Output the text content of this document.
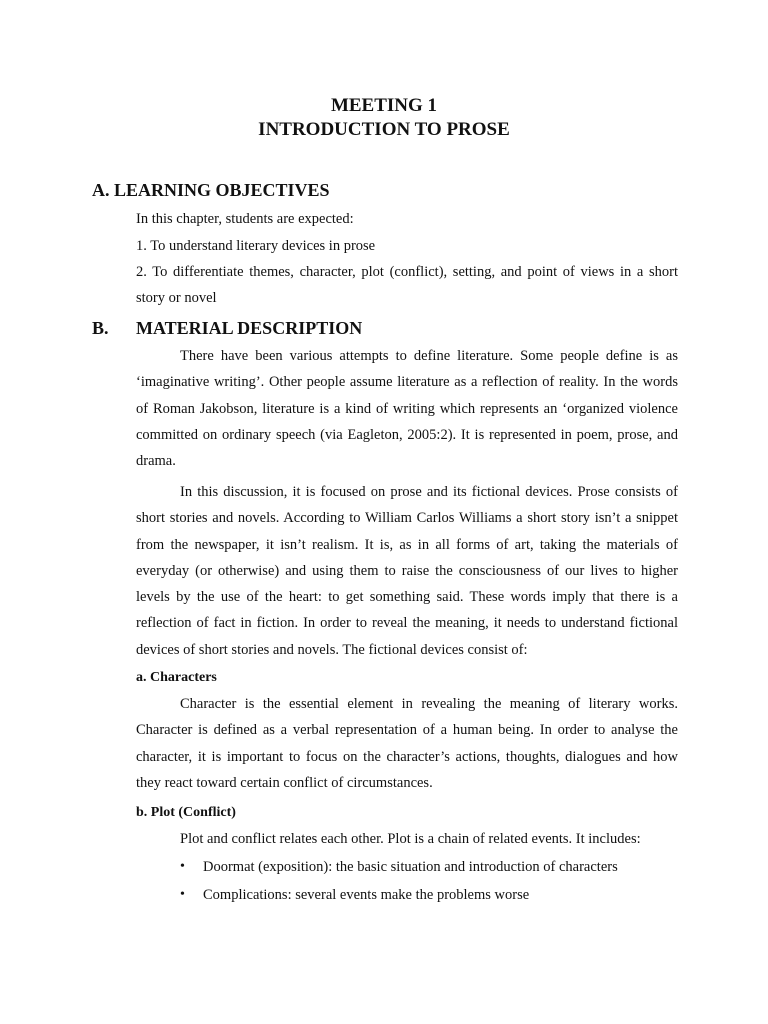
MEETING 1

INTRODUCTION TO PROSE

A. LEARNING OBJECTIVES

In this chapter, students are expected:

1. To understand literary devices in prose

2. To differentiate themes, character, plot (conflict), setting, and point of views in a short story or novel

B. MATERIAL DESCRIPTION

There have been various attempts to define literature. Some people define is as ‘imaginative writing’. Other people assume literature as a reflection of reality. In the words of Roman Jakobson, literature is a kind of writing which represents an ‘organized violence committed on ordinary speech (via Eagleton, 2005:2). It is represented in poem, prose, and drama.

In this discussion, it is focused on prose and its fictional devices. Prose consists of short stories and novels. According to William Carlos Williams a short story isn’t a snippet from the newspaper, it isn’t realism. It is, as in all forms of art, taking the materials of everyday (or otherwise) and using them to raise the consciousness of our lives to higher levels by the use of the heart: to get something said. These words imply that there is a reflection of fact in fiction. In order to reveal the meaning, it needs to understand fictional devices of short stories and novels. The fictional devices consist of:

a. Characters

Character is the essential element in revealing the meaning of literary works. Character is defined as a verbal representation of a human being. In order to analyse the character, it is important to focus on the character’s actions, thoughts, dialogues and how they react toward certain conflict of circumstances.

b. Plot (Conflict)

Plot and conflict relates each other. Plot is a chain of related events. It includes:

• Doormat (exposition): the basic situation and introduction of characters

• Complications: several events make the problems worse
